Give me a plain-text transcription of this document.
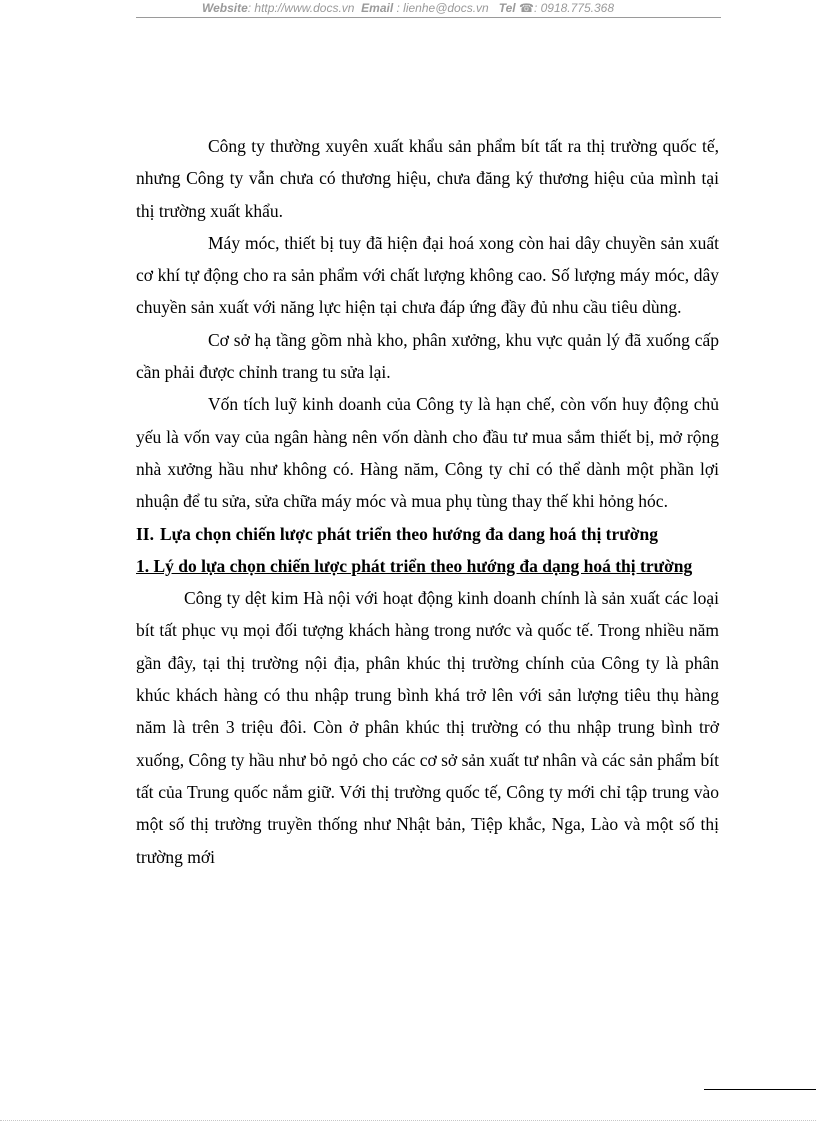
Website: http://www.docs.vn Email : lienhe@docs.vn Tel ☎: 0918.775.368

Công ty thường xuyên xuất khẩu sản phẩm bít tất ra thị trường quốc tế, nhưng Công ty vẫn chưa có thương hiệu, chưa đăng ký thương hiệu của mình tại thị trường xuất khẩu.

Máy móc, thiết bị tuy đã hiện đại hoá xong còn hai dây chuyền sản xuất cơ khí tự động cho ra sản phẩm với chất lượng không cao. Số lượng máy móc, dây chuyền sản xuất với năng lực hiện tại chưa đáp ứng đầy đủ nhu cầu tiêu dùng.

Cơ sở hạ tầng gồm nhà kho, phân xưởng, khu vực quản lý đã xuống cấp cần phải được chỉnh trang tu sửa lại.

Vốn tích luỹ kinh doanh của Công ty là hạn chế, còn vốn huy động chủ yếu là vốn vay của ngân hàng nên vốn dành cho đầu tư mua sắm thiết bị, mở rộng nhà xưởng hầu như không có. Hàng năm, Công ty chỉ có thể dành một phần lợi nhuận để tu sửa, sửa chữa máy móc và mua phụ tùng thay thế khi hỏng hóc.

II. Lựa chọn chiến lược phát triển theo hướng đa dang hoá thị trường

1. Lý do lựa chọn chiến lược phát triển theo hướng đa dạng hoá thị trường

Công ty dệt kim Hà nội với hoạt động kinh doanh chính là sản xuất các loại bít tất phục vụ mọi đối tượng khách hàng trong nước và quốc tế. Trong nhiều năm gần đây, tại thị trường nội địa, phân khúc thị trường chính của Công ty là phân khúc khách hàng có thu nhập trung bình khá trở lên với sản lượng tiêu thụ hàng năm là trên 3 triệu đôi. Còn ở phân khúc thị trường có thu nhập trung bình trở xuống, Công ty hầu như bỏ ngỏ cho các cơ sở sản xuất tư nhân và các sản phẩm bít tất của Trung quốc nắm giữ. Với thị trường quốc tế, Công ty mới chỉ tập trung vào một số thị trường truyền thống như Nhật bản, Tiệp khắc, Nga, Lào và một số thị trường mới
